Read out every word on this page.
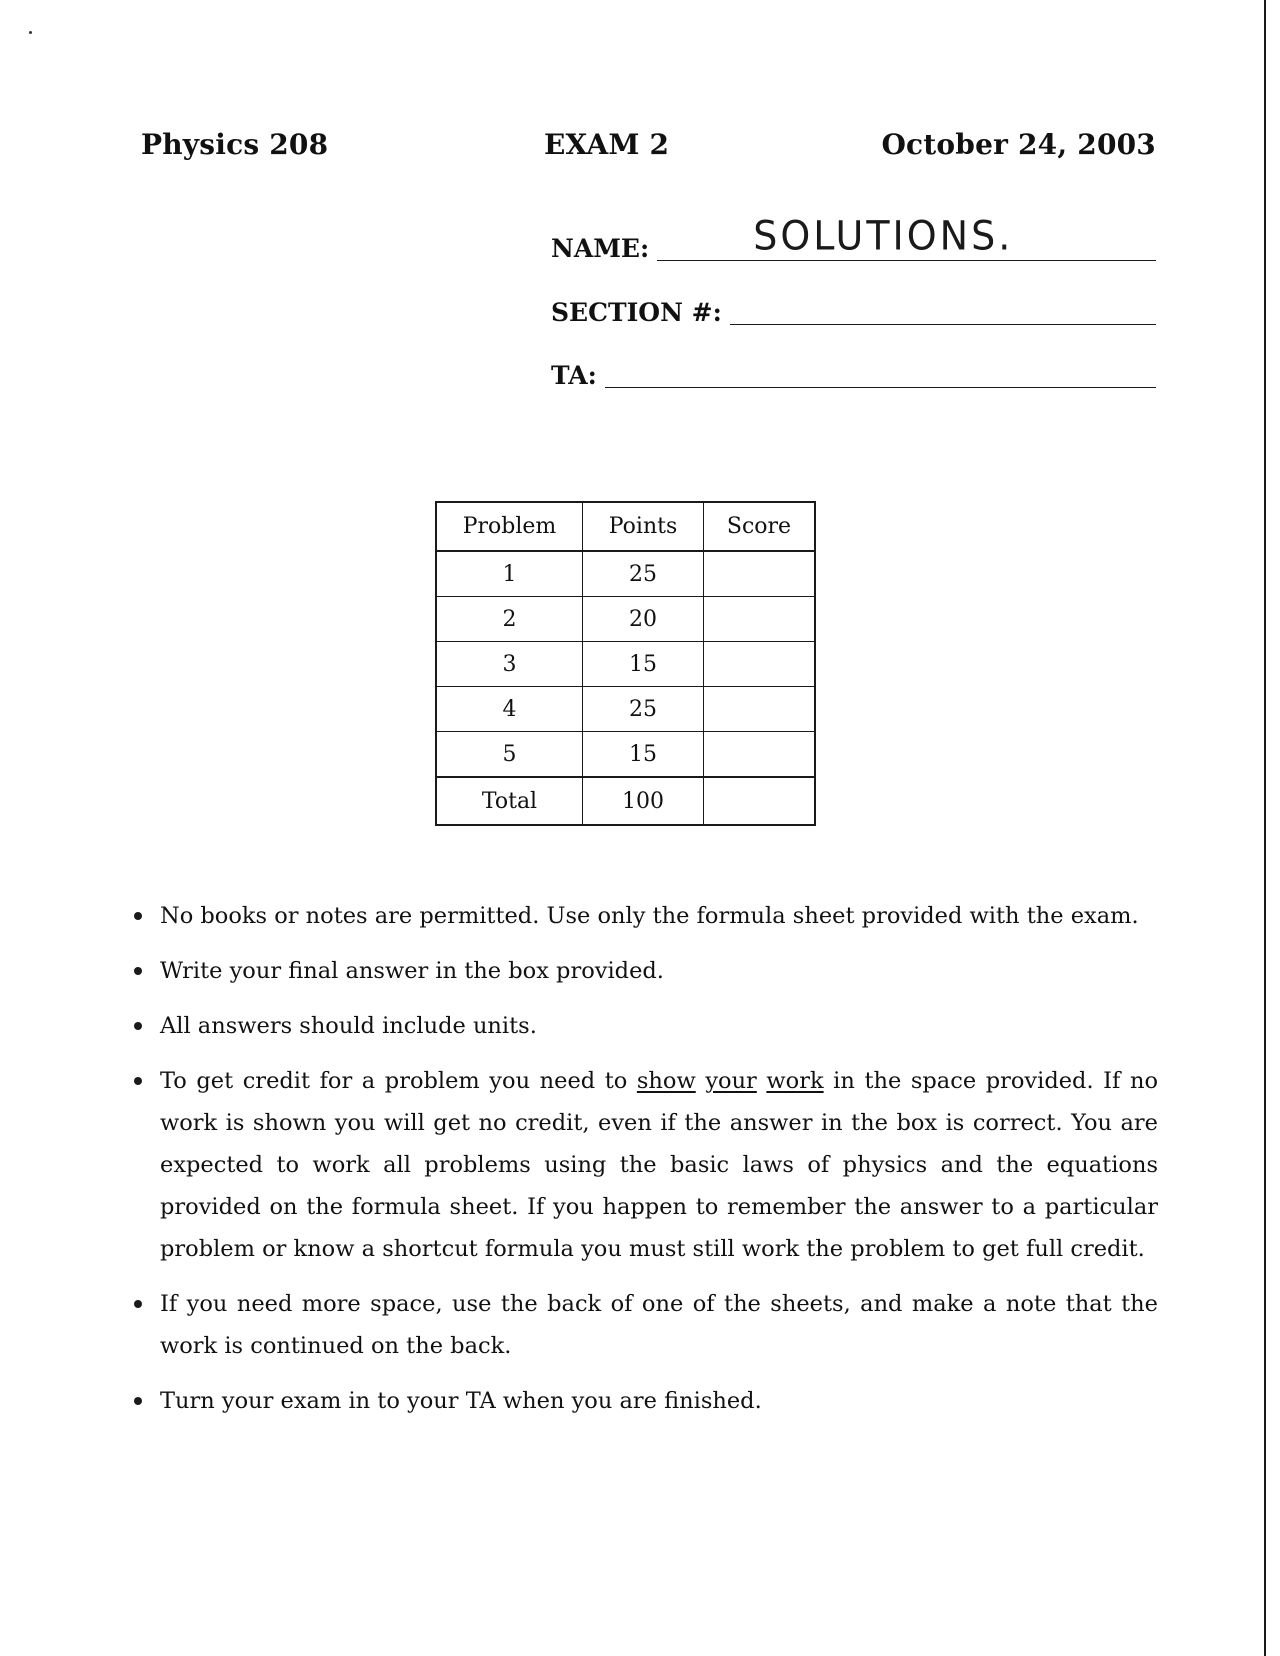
Physics 208	EXAM 2	October 24, 2003
NAME:	SOLUTIONS.
SECTION #:
TA:
Problem	Points	Score
1	25	
2	20	
3	15	
4	25	
5	15	
Total	100	
No books or notes are permitted. Use only the formula sheet provided with the exam.
Write your final answer in the box provided.
All answers should include units.
To get credit for a problem you need to show your work in the space provided. If no work is shown you will get no credit, even if the answer in the box is correct. You are expected to work all problems using the basic laws of physics and the equations provided on the formula sheet. If you happen to remember the answer to a particular problem or know a shortcut formula you must still work the problem to get full credit.
If you need more space, use the back of one of the sheets, and make a note that the work is continued on the back.
Turn your exam in to your TA when you are finished.
